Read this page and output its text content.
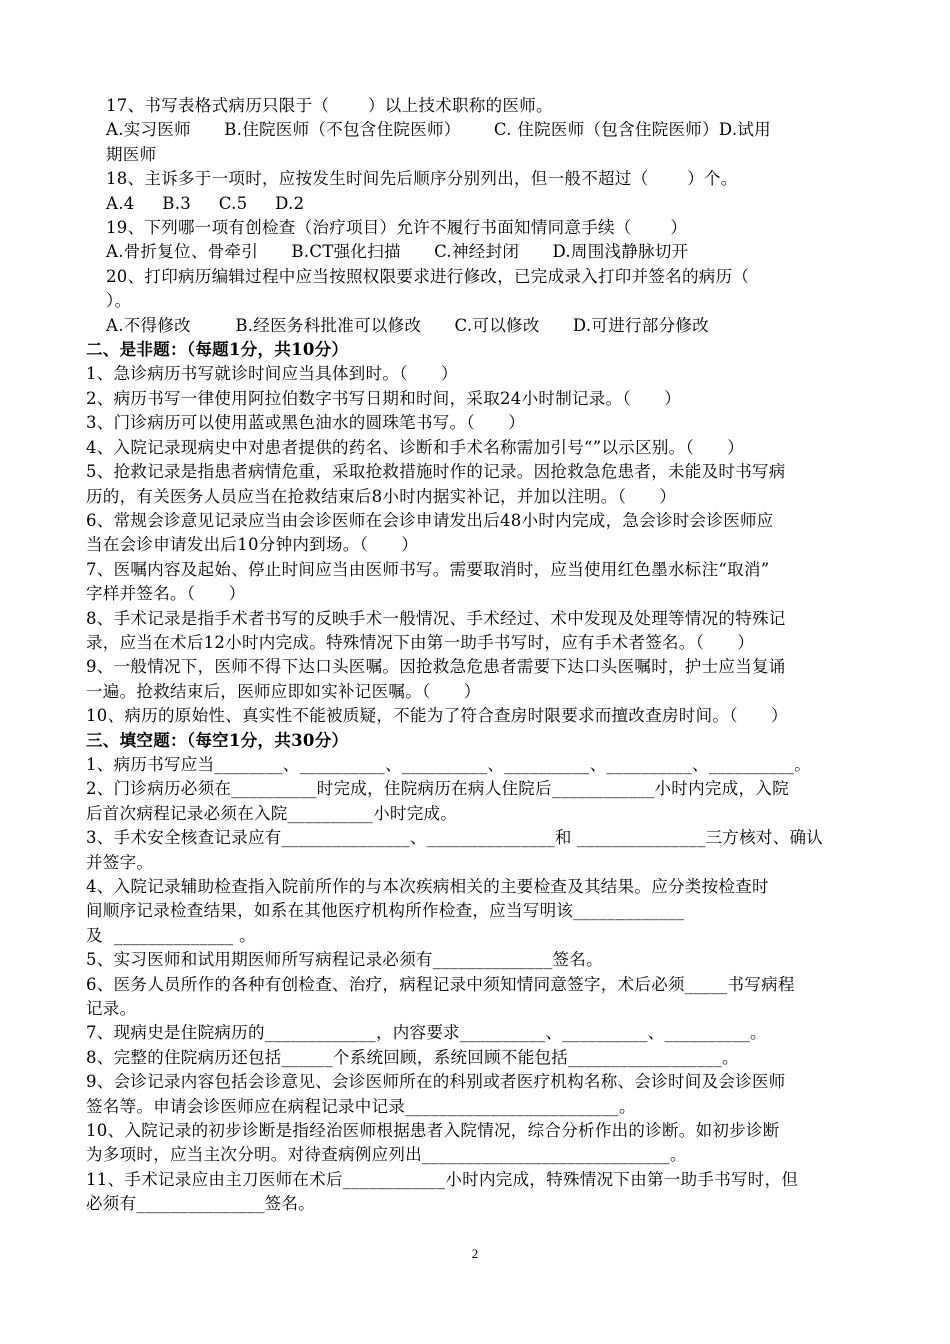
17、书写表格式病历只限于（       ）以上技术职称的医师。
A.实习医师      B.住院医师（不包含住院医师）      C. 住院医师（包含住院医师）D.试用
期医师
18、主诉多于一项时，应按发生时间先后顺序分别列出，但一般不超过（       ）个。
A.4     B.3     C.5     D.2
19、下列哪一项有创检查（治疗项目）允许不履行书面知情同意手续（       ）
A.骨折复位、骨牵引      B.CT强化扫描      C.神经封闭      D.周围浅静脉切开
20、打印病历编辑过程中应当按照权限要求进行修改，已完成录入打印并签名的病历（
）。
A.不得修改        B.经医务科批准可以修改      C.可以修改      D.可进行部分修改
二、是非题：（每题1分，共10分）
1、急诊病历书写就诊时间应当具体到时。（      ）
2、病历书写一律使用阿拉伯数字书写日期和时间，采取24小时制记录。（      ）
3、门诊病历可以使用蓝或黑色油水的圆珠笔书写。（      ）
4、入院记录现病史中对患者提供的药名、诊断和手术名称需加引号“”以示区别。（      ）
5、抢救记录是指患者病情危重，采取抢救措施时作的记录。因抢救急危患者，未能及时书写病
历的，有关医务人员应当在抢救结束后8小时内据实补记，并加以注明。（      ）
6、常规会诊意见记录应当由会诊医师在会诊申请发出后48小时内完成，急会诊时会诊医师应
当在会诊申请发出后10分钟内到场。（      ）
7、医嘱内容及起始、停止时间应当由医师书写。需要取消时，应当使用红色墨水标注“取消”
字样并签名。（      ）
8、手术记录是指手术者书写的反映手术一般情况、手术经过、术中发现及处理等情况的特殊记
录，应当在术后12小时内完成。特殊情况下由第一助手书写时，应有手术者签名。（      ）
9、一般情况下，医师不得下达口头医嘱。因抢救急危患者需要下达口头医嘱时，护士应当复诵
一遍。抢救结束后，医师应即如实补记医嘱。（      ）
10、病历的原始性、真实性不能被质疑，不能为了符合查房时限要求而擅改查房时间。（      ）
三、填空题：（每空1分，共30分）
1、病历书写应当________、__________、__________、__________、__________、__________。
2、门诊病历必须在__________时完成，住院病历在病人住院后____________小时内完成，入院
后首次病程记录必须在入院__________小时完成。
3、手术安全核查记录应有_______________、_______________和 _______________三方核对、确认
并签字。
4、入院记录辅助检查指入院前所作的与本次疾病相关的主要检查及其结果。应分类按检查时
间顺序记录检查结果，如系在其他医疗机构所作检查，应当写明该_____________
及  ______________ 。
5、实习医师和试用期医师所写病程记录必须有______________签名。
6、医务人员所作的各种有创检查、治疗，病程记录中须知情同意签字，术后必须_____书写病程
记录。
7、现病史是住院病历的_____________，内容要求__________、__________、__________。
8、完整的住院病历还包括______个系统回顾，系统回顾不能包括__________________。
9、会诊记录内容包括会诊意见、会诊医师所在的科别或者医疗机构名称、会诊时间及会诊医师
签名等。申请会诊医师应在病程记录中记录_________________________。
10、入院记录的初步诊断是指经治医师根据患者入院情况，综合分析作出的诊断。如初步诊断
为多项时，应当主次分明。对待查病例应列出_____________________________。
11、手术记录应由主刀医师在术后____________小时内完成，特殊情况下由第一助手书写时，但
必须有_______________签名。
2
